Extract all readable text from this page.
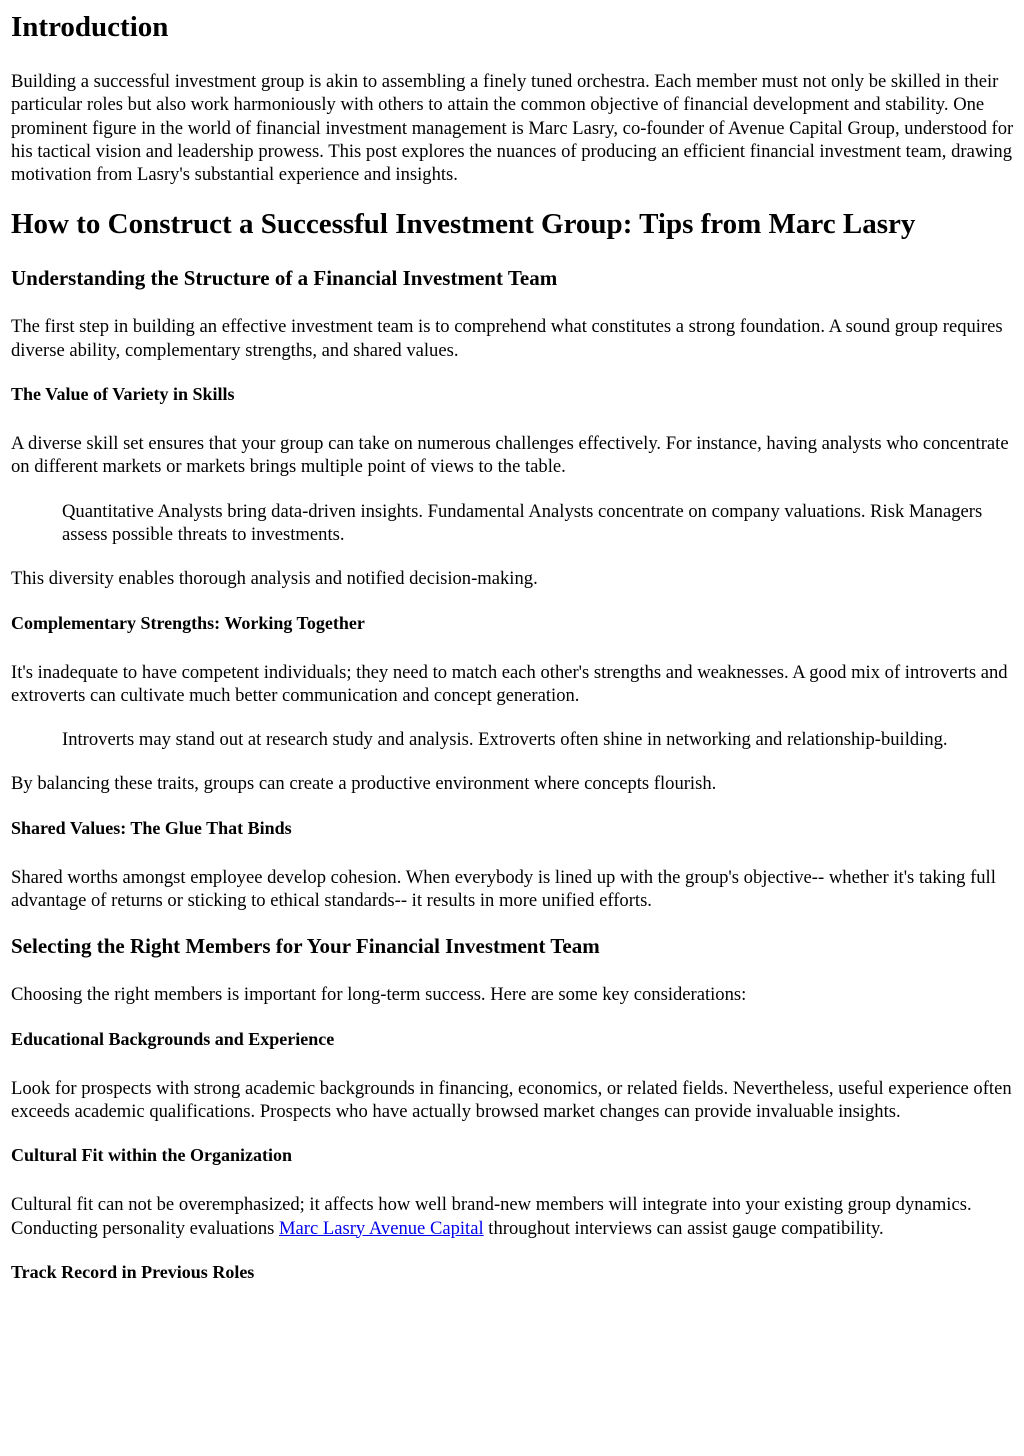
Introduction

Building a successful investment group is akin to assembling a finely tuned orchestra. Each member must not only be skilled in their particular roles but also work harmoniously with others to attain the common objective of financial development and stability. One prominent figure in the world of financial investment management is Marc Lasry, co-founder of Avenue Capital Group, understood for his tactical vision and leadership prowess. This post explores the nuances of producing an efficient financial investment team, drawing motivation from Lasry's substantial experience and insights.

How to Construct a Successful Investment Group: Tips from Marc Lasry
Understanding the Structure of a Financial Investment Team

The first step in building an effective investment team is to comprehend what constitutes a strong foundation. A sound group requires diverse ability, complementary strengths, and shared values.

The Value of Variety in Skills

A diverse skill set ensures that your group can take on numerous challenges effectively. For instance, having analysts who concentrate on different markets or markets brings multiple point of views to the table.

Quantitative Analysts bring data-driven insights. Fundamental Analysts concentrate on company valuations. Risk Managers assess possible threats to investments.

This diversity enables thorough analysis and notified decision-making.

Complementary Strengths: Working Together

It's inadequate to have competent individuals; they need to match each other's strengths and weaknesses. A good mix of introverts and extroverts can cultivate much better communication and concept generation.

Introverts may stand out at research study and analysis. Extroverts often shine in networking and relationship-building.

By balancing these traits, groups can create a productive environment where concepts flourish.

Shared Values: The Glue That Binds

Shared worths amongst employee develop cohesion. When everybody is lined up with the group's objective-- whether it's taking full advantage of returns or sticking to ethical standards-- it results in more unified efforts.

Selecting the Right Members for Your Financial Investment Team

Choosing the right members is important for long-term success. Here are some key considerations:

Educational Backgrounds and Experience

Look for prospects with strong academic backgrounds in financing, economics, or related fields. Nevertheless, useful experience often exceeds academic qualifications. Prospects who have actually browsed market changes can provide invaluable insights.

Cultural Fit within the Organization

Cultural fit can not be overemphasized; it affects how well brand-new members will integrate into your existing group dynamics. Conducting personality evaluations Marc Lasry Avenue Capital throughout interviews can assist gauge compatibility.

Track Record in Previous Roles
